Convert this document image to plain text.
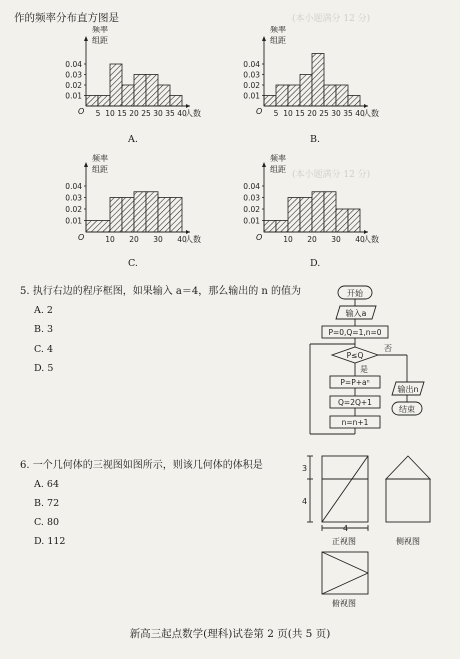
(本小题满分 12 分)
(本小题满分 12 分)
作的频率分布直方图是
0.04
0.03
0.02
0.01
5 10 15 20 25 30 35 40
O	人数
频率
组距
A.
0.04
0.03
0.02
0.01
5 10 15 20 25 30 35 40
O	人数
频率
组距
B.
0.04
0.03
0.02
0.01
10 20 30 40
O	人数
频率
组距
C.
0.04
0.03
0.02
0.01
10 20 30 40
O	人数
频率
组距
D.
5. 执行右边的程序框图，如果输入 a＝4，那么输出的 n 的值为
A. 2
B. 3
C. 4
D. 5
开始
输入a
P=0,Q=1,n=0
P≤Q
否
是
P=P+aⁿ
Q=2Q+1
n=n+1
输出n
结束
6. 一个几何体的三视图如图所示，则该几何体的体积是
A. 64
B. 72
C. 80
D. 112
3
4
4
正视图	侧视图
俯视图
新高三起点数学(理科)试卷第 2 页(共 5 页)
